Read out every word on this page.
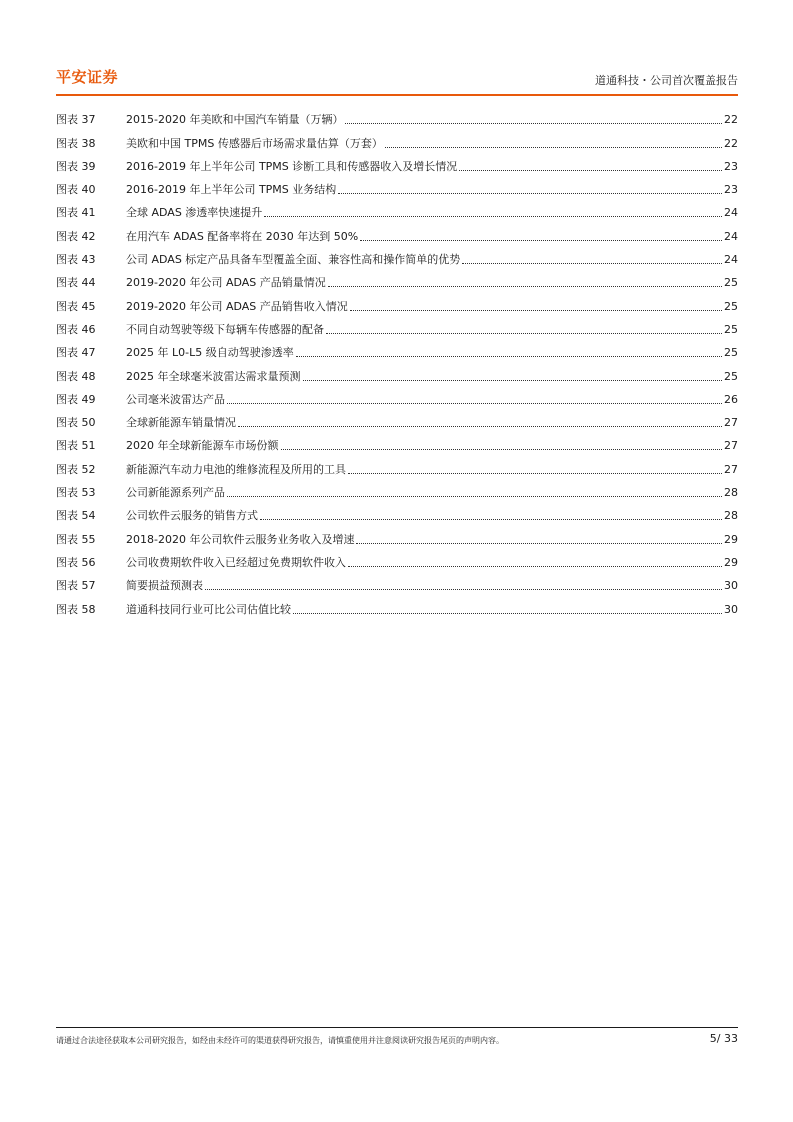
平安证券	道通科技・公司首次覆盖报告
图表 37	2015-2020 年美欧和中国汽车销量（万辆）	22
图表 38	美欧和中国 TPMS 传感器后市场需求量估算（万套）	22
图表 39	2016-2019 年上半年公司 TPMS 诊断工具和传感器收入及增长情况	23
图表 40	2016-2019 年上半年公司 TPMS 业务结构	23
图表 41	全球 ADAS 渗透率快速提升	24
图表 42	在用汽车 ADAS 配备率将在 2030 年达到 50%	24
图表 43	公司 ADAS 标定产品具备车型覆盖全面、兼容性高和操作简单的优势	24
图表 44	2019-2020 年公司 ADAS 产品销量情况	25
图表 45	2019-2020 年公司 ADAS 产品销售收入情况	25
图表 46	不同自动驾驶等级下每辆车传感器的配备	25
图表 47	2025 年 L0-L5 级自动驾驶渗透率	25
图表 48	2025 年全球毫米波雷达需求量预测	25
图表 49	公司毫米波雷达产品	26
图表 50	全球新能源车销量情况	27
图表 51	2020 年全球新能源车市场份额	27
图表 52	新能源汽车动力电池的维修流程及所用的工具	27
图表 53	公司新能源系列产品	28
图表 54	公司软件云服务的销售方式	28
图表 55	2018-2020 年公司软件云服务业务收入及增速	29
图表 56	公司收费期软件收入已经超过免费期软件收入	29
图表 57	简要损益预测表	30
图表 58	道通科技同行业可比公司估值比较	30
请通过合法途径获取本公司研究报告，如经由未经许可的渠道获得研究报告，请慎重使用并注意阅读研究报告尾页的声明内容。	5/ 33
